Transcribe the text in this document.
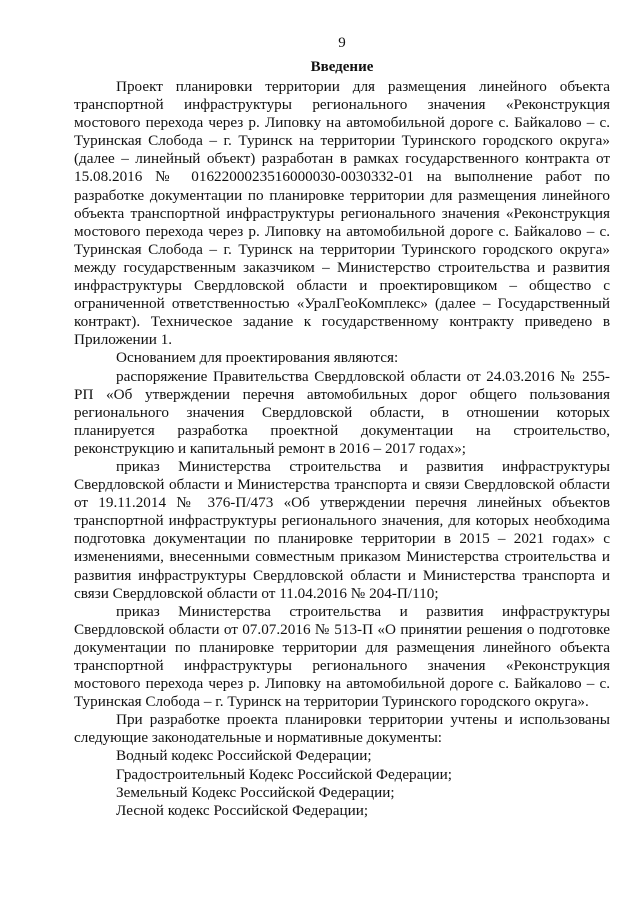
9
Введение

Проект планировки территории для размещения линейного объекта транспортной инфраструктуры регионального значения «Реконструкция мостового перехода через р. Липовку на автомобильной дороге с. Байкалово – с. Туринская Слобода – г. Туринск на территории Туринского городского округа» (далее – линейный объект) разработан в рамках государственного контракта от 15.08.2016 № 0162200023516000030-0030332-01 на выполнение работ по разработке документации по планировке территории для размещения линейного объекта транспортной инфраструктуры регионального значения «Реконструкция мостового перехода через р. Липовку на автомобильной дороге с. Байкалово – с. Туринская Слобода – г. Туринск на территории Туринского городского округа» между государственным заказчиком – Министерство строительства и развития инфраструктуры Свердловской области и проектировщиком – общество с ограниченной ответственностью «УралГеоКомплекс» (далее – Государственный контракт). Техническое задание к государственному контракту приведено в Приложении 1.

Основанием для проектирования являются:

распоряжение Правительства Свердловской области от 24.03.2016 № 255-РП «Об утверждении перечня автомобильных дорог общего пользования регионального значения Свердловской области, в отношении которых планируется разработка проектной документации на строительство, реконструкцию и капитальный ремонт в 2016 – 2017 годах»;

приказ Министерства строительства и развития инфраструктуры Свердловской области и Министерства транспорта и связи Свердловской области от 19.11.2014 № 376-П/473 «Об утверждении перечня линейных объектов транспортной инфраструктуры регионального значения, для которых необходима подготовка документации по планировке территории в 2015 – 2021 годах» с изменениями, внесенными совместным приказом Министерства строительства и развития инфраструктуры Свердловской области и Министерства транспорта и связи Свердловской области от 11.04.2016 № 204-П/110;

приказ Министерства строительства и развития инфраструктуры Свердловской области от 07.07.2016 № 513-П «О принятии решения о подготовке документации по планировке территории для размещения линейного объекта транспортной инфраструктуры регионального значения «Реконструкция мостового перехода через р. Липовку на автомобильной дороге с. Байкалово – с. Туринская Слобода – г. Туринск на территории Туринского городского округа».

При разработке проекта планировки территории учтены и использованы следующие законодательные и нормативные документы:

Водный кодекс Российской Федерации;

Градостроительный Кодекс Российской Федерации;

Земельный Кодекс Российской Федерации;

Лесной кодекс Российской Федерации;
